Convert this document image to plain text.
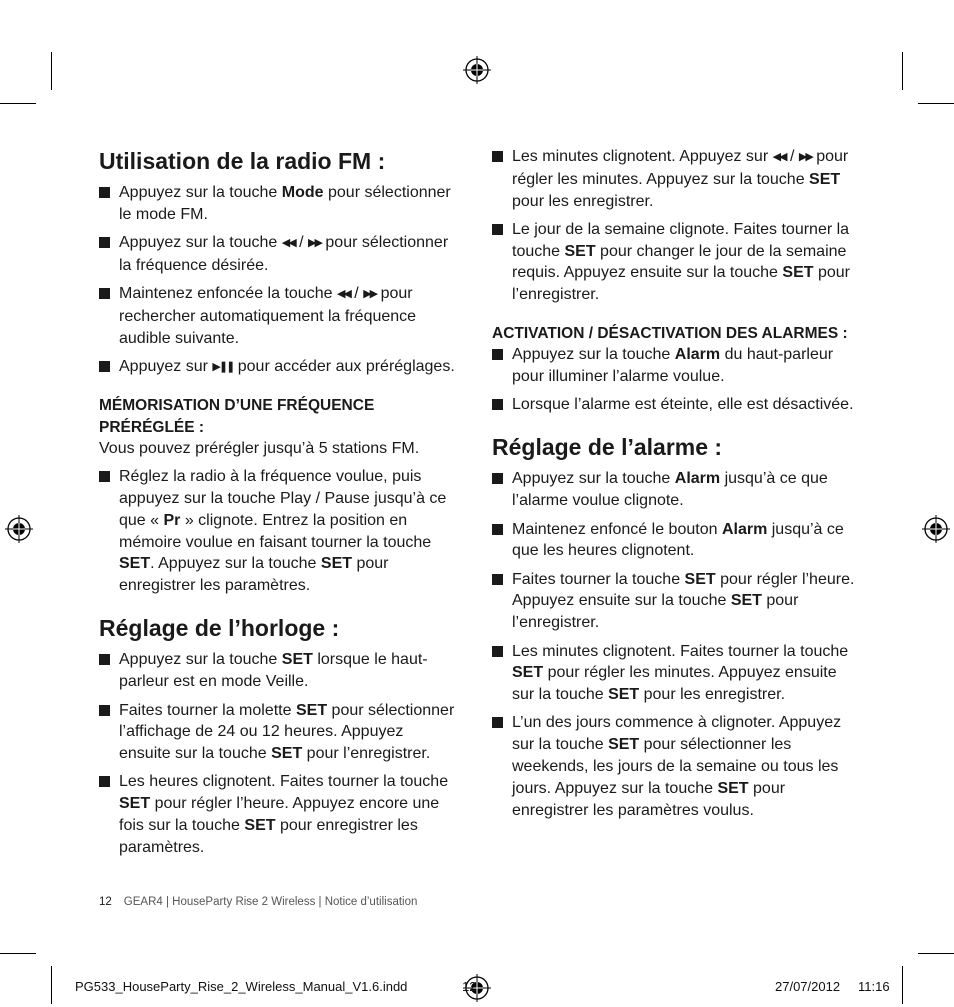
Utilisation de la radio FM :
Appuyez sur la touche Mode pour sélectionner le mode FM.
Appuyez sur la touche ◀◀ / ▶▶ pour sélectionner la fréquence désirée.
Maintenez enfoncée la touche ◀◀ / ▶▶ pour rechercher automatiquement la fréquence audible suivante.
Appuyez sur ▶❚❚ pour accéder aux préréglages.
MÉMORISATION D’UNE FRÉQUENCE PRÉRÉGLÉE :

Vous pouvez prérégler jusqu’à 5 stations FM.

Réglez la radio à la fréquence voulue, puis appuyez sur la touche Play / Pause jusqu’à ce que « Pr » clignote. Entrez la position en mémoire voulue en faisant tourner la touche SET. Appuyez sur la touche SET pour enregistrer les paramètres.
Réglage de l’horloge :
Appuyez sur la touche SET lorsque le haut-parleur est en mode Veille.
Faites tourner la molette SET pour sélectionner l’affichage de 24 ou 12 heures. Appuyez ensuite sur la touche SET pour l’enregistrer.
Les heures clignotent. Faites tourner la touche SET pour régler l’heure. Appuyez encore une fois sur la touche SET pour enregistrer les paramètres.
Les minutes clignotent. Appuyez sur ◀◀ / ▶▶ pour régler les minutes. Appuyez sur la touche SET pour les enregistrer.
Le jour de la semaine clignote. Faites tourner la touche SET pour changer le jour de la semaine requis. Appuyez ensuite sur la touche SET pour l’enregistrer.
ACTIVATION / DÉSACTIVATION DES ALARMES :
Appuyez sur la touche Alarm du haut-parleur pour illuminer l’alarme voulue.
Lorsque l’alarme est éteinte, elle est désactivée.
Réglage de l’alarme :
Appuyez sur la touche Alarm jusqu’à ce que l’alarme voulue clignote.
Maintenez enfoncé le bouton Alarm jusqu’à ce que les heures clignotent.
Faites tourner la touche SET pour régler l’heure. Appuyez ensuite sur la touche SET pour l’enregistrer.
Les minutes clignotent. Faites tourner la touche SET pour régler les minutes. Appuyez ensuite sur la touche SET pour les enregistrer.
L’un des jours commence à clignoter. Appuyez sur la touche SET pour sélectionner les weekends, les jours de la semaine ou tous les jours. Appuyez sur la touche SET pour enregistrer les paramètres voulus.
12 GEAR4 | HouseParty Rise 2 Wireless | Notice d’utilisation
PG533_HouseParty_Rise_2_Wireless_Manual_V1.6.indd	12	27/07/2012 11:16
